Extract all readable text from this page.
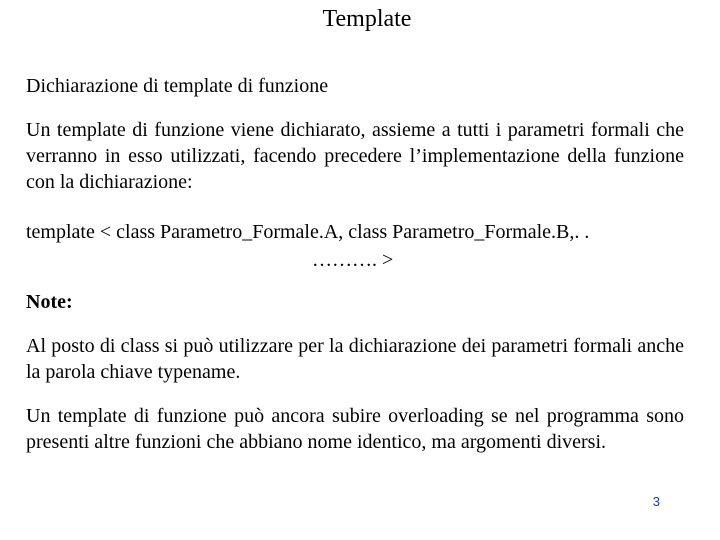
Template
Dichiarazione di template di funzione
Un template di funzione viene dichiarato, assieme a tutti i parametri formali che verranno in esso utilizzati, facendo precedere l’implementazione della funzione con la dichiarazione:
template < class Parametro_Formale.A, class Parametro_Formale.B,. .
………. >
Note:
Al posto di class si può utilizzare per la dichiarazione dei parametri formali anche la parola chiave typename.
Un template di funzione può ancora subire overloading se nel programma sono presenti altre funzioni che abbiano nome identico, ma argomenti diversi.
3
